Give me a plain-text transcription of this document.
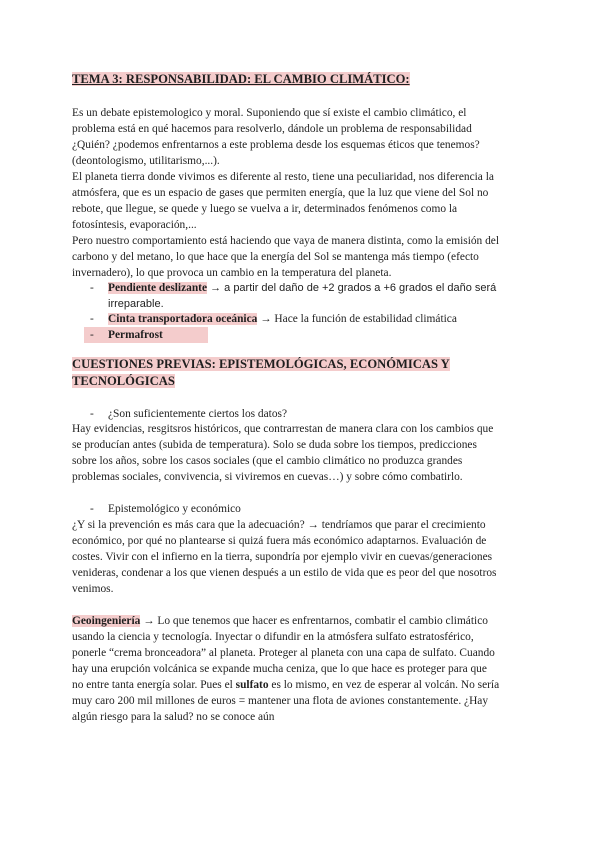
TEMA 3: RESPONSABILIDAD: EL CAMBIO CLIMÁTICO:
Es un debate epistemologico y moral. Suponiendo que sí existe el cambio climático, el
problema está en qué hacemos para resolverlo, dándole un problema de responsabilidad
¿Quién? ¿podemos enfrentarnos a este problema desde los esquemas éticos que tenemos?
(deontologismo, utilitarismo,...).
El planeta tierra donde vivimos es diferente al resto, tiene una peculiaridad, nos diferencia la
atmósfera, que es un espacio de gases que permiten energía, que la luz que viene del Sol no
rebote, que llegue, se quede y luego se vuelva a ir, determinados fenómenos como la
fotosíntesis, evaporación,...
Pero nuestro comportamiento está haciendo que vaya de manera distinta, como la emisión del
carbono y del metano, lo que hace que la energía del Sol se mantenga más tiempo (efecto
invernadero), lo que provoca un cambio en la temperatura del planeta.
- Pendiente deslizante → a partir del daño de +2 grados a +6 grados el daño será
irreparable.
- Cinta transportadora oceánica → Hace la función de estabilidad climática
- Permafrost
CUESTIONES PREVIAS: EPISTEMOLÓGICAS, ECONÓMICAS Y
TECNOLÓGICAS
- ¿Son suficientemente ciertos los datos?
Hay evidencias, resgitsros históricos, que contrarrestan de manera clara con los cambios que
se producían antes (subida de temperatura). Solo se duda sobre los tiempos, predicciones
sobre los años, sobre los casos sociales (que el cambio climático no produzca grandes
problemas sociales, convivencia, si viviremos en cuevas…) y sobre cómo combatirlo.
- Epistemológico y económico
¿Y si la prevención es más cara que la adecuación? → tendríamos que parar el crecimiento
económico, por qué no plantearse si quizá fuera más económico adaptarnos. Evaluación de
costes. Vivir con el infierno en la tierra, supondría por ejemplo vivir en cuevas/generaciones
venideras, condenar a los que vienen después a un estilo de vida que es peor del que nosotros
venimos.
Geoingeniería → Lo que tenemos que hacer es enfrentarnos, combatir el cambio climático
usando la ciencia y tecnología. Inyectar o difundir en la atmósfera sulfato estratosférico,
ponerle “crema bronceadora” al planeta. Proteger al planeta con una capa de sulfato. Cuando
hay una erupción volcánica se expande mucha ceniza, que lo que hace es proteger para que
no entre tanta energía solar. Pues el sulfato es lo mismo, en vez de esperar al volcán. No sería
muy caro 200 mil millones de euros = mantener una flota de aviones constantemente. ¿Hay
algún riesgo para la salud? no se conoce aún
